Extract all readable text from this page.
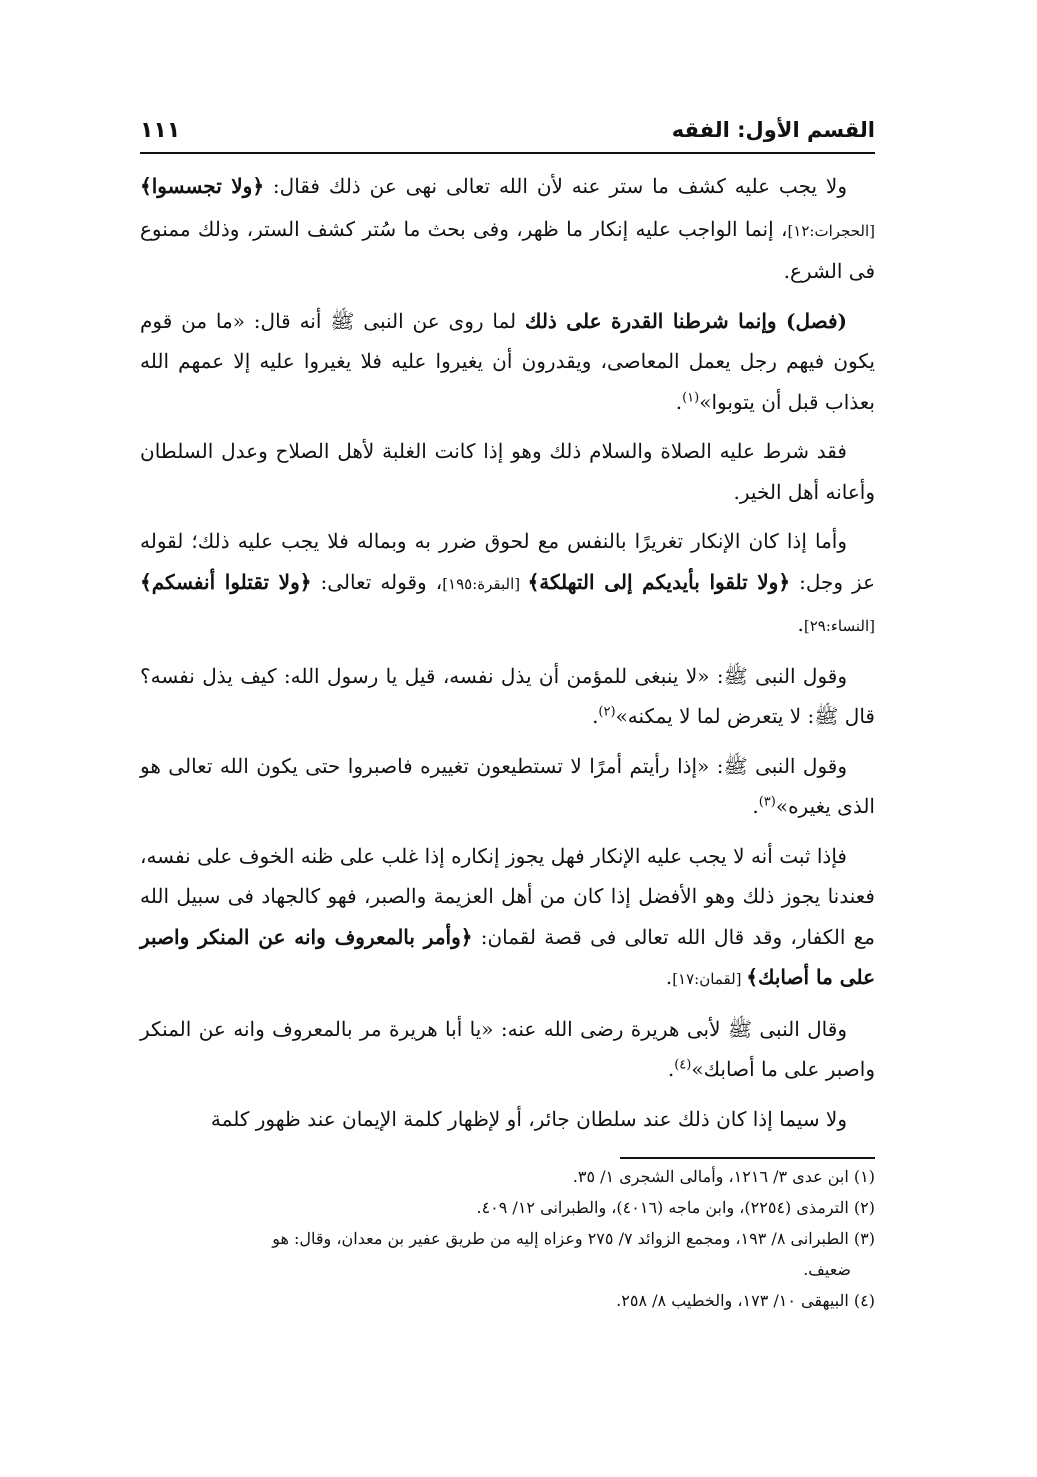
القسم الأول: الفقه
١١١

ولا يجب عليه كشف ما ستر عنه لأن الله تعالى نهى عن ذلك فقال: ﴿ولا تجسسوا﴾ [الحجرات:١٢]، إنما الواجب عليه إنكار ما ظهر، وفى بحث ما سُتر كشف الستر، وذلك ممنوع فى الشرع.

(فصل) وإنما شرطنا القدرة على ذلك لما روى عن النبى ﷺ أنه قال: «ما من قوم يكون فيهم رجل يعمل المعاصى، ويقدرون أن يغيروا عليه فلا يغيروا عليه إلا عمهم الله بعذاب قبل أن يتوبوا»$^{(١)}$.

فقد شرط عليه الصلاة والسلام ذلك وهو إذا كانت الغلبة لأهل الصلاح وعدل السلطان وأعانه أهل الخير.

وأما إذا كان الإنكار تغريرًا بالنفس مع لحوق ضرر به وبماله فلا يجب عليه ذلك؛ لقوله عز وجل: ﴿ولا تلقوا بأيديكم إلى التهلكة﴾ [البقرة:١٩٥]، وقوله تعالى: ﴿ولا تقتلوا أنفسكم﴾ [النساء:٢٩].

وقول النبى ﷺ: «لا ينبغى للمؤمن أن يذل نفسه، قيل يا رسول الله: كيف يذل نفسه؟ قال ﷺ: لا يتعرض لما لا يمكنه»$^{(٢)}$.

وقول النبى ﷺ: «إذا رأيتم أمرًا لا تستطيعون تغييره فاصبروا حتى يكون الله تعالى هو الذى يغيره»$^{(٣)}$.

فإذا ثبت أنه لا يجب عليه الإنكار فهل يجوز إنكاره إذا غلب على ظنه الخوف على نفسه، فعندنا يجوز ذلك وهو الأفضل إذا كان من أهل العزيمة والصبر، فهو كالجهاد فى سبيل الله مع الكفار، وقد قال الله تعالى فى قصة لقمان: ﴿وأمر بالمعروف وانه عن المنكر واصبر على ما أصابك﴾ [لقمان:١٧].

وقال النبى ﷺ لأبى هريرة رضى الله عنه: «يا أبا هريرة مر بالمعروف وانه عن المنكر واصبر على ما أصابك»$^{(٤)}$.

ولا سيما إذا كان ذلك عند سلطان جائر، أو لإظهار كلمة الإيمان عند ظهور كلمة

(١) ابن عدى ٣/ ١٢١٦، وأمالى الشجرى ١/ ٣٥.

(٢) الترمذى (٢٢٥٤)، وابن ماجه (٤٠١٦)، والطبرانى ١٢/ ٤٠٩.

(٣) الطبرانى ٨/ ١٩٣، ومجمع الزوائد ٧/ ٢٧٥ وعزاه إليه من طريق عفير بن معدان، وقال: هو

ضعيف.

(٤) البيهقى ١٠/ ١٧٣، والخطيب ٨/ ٢٥٨.
